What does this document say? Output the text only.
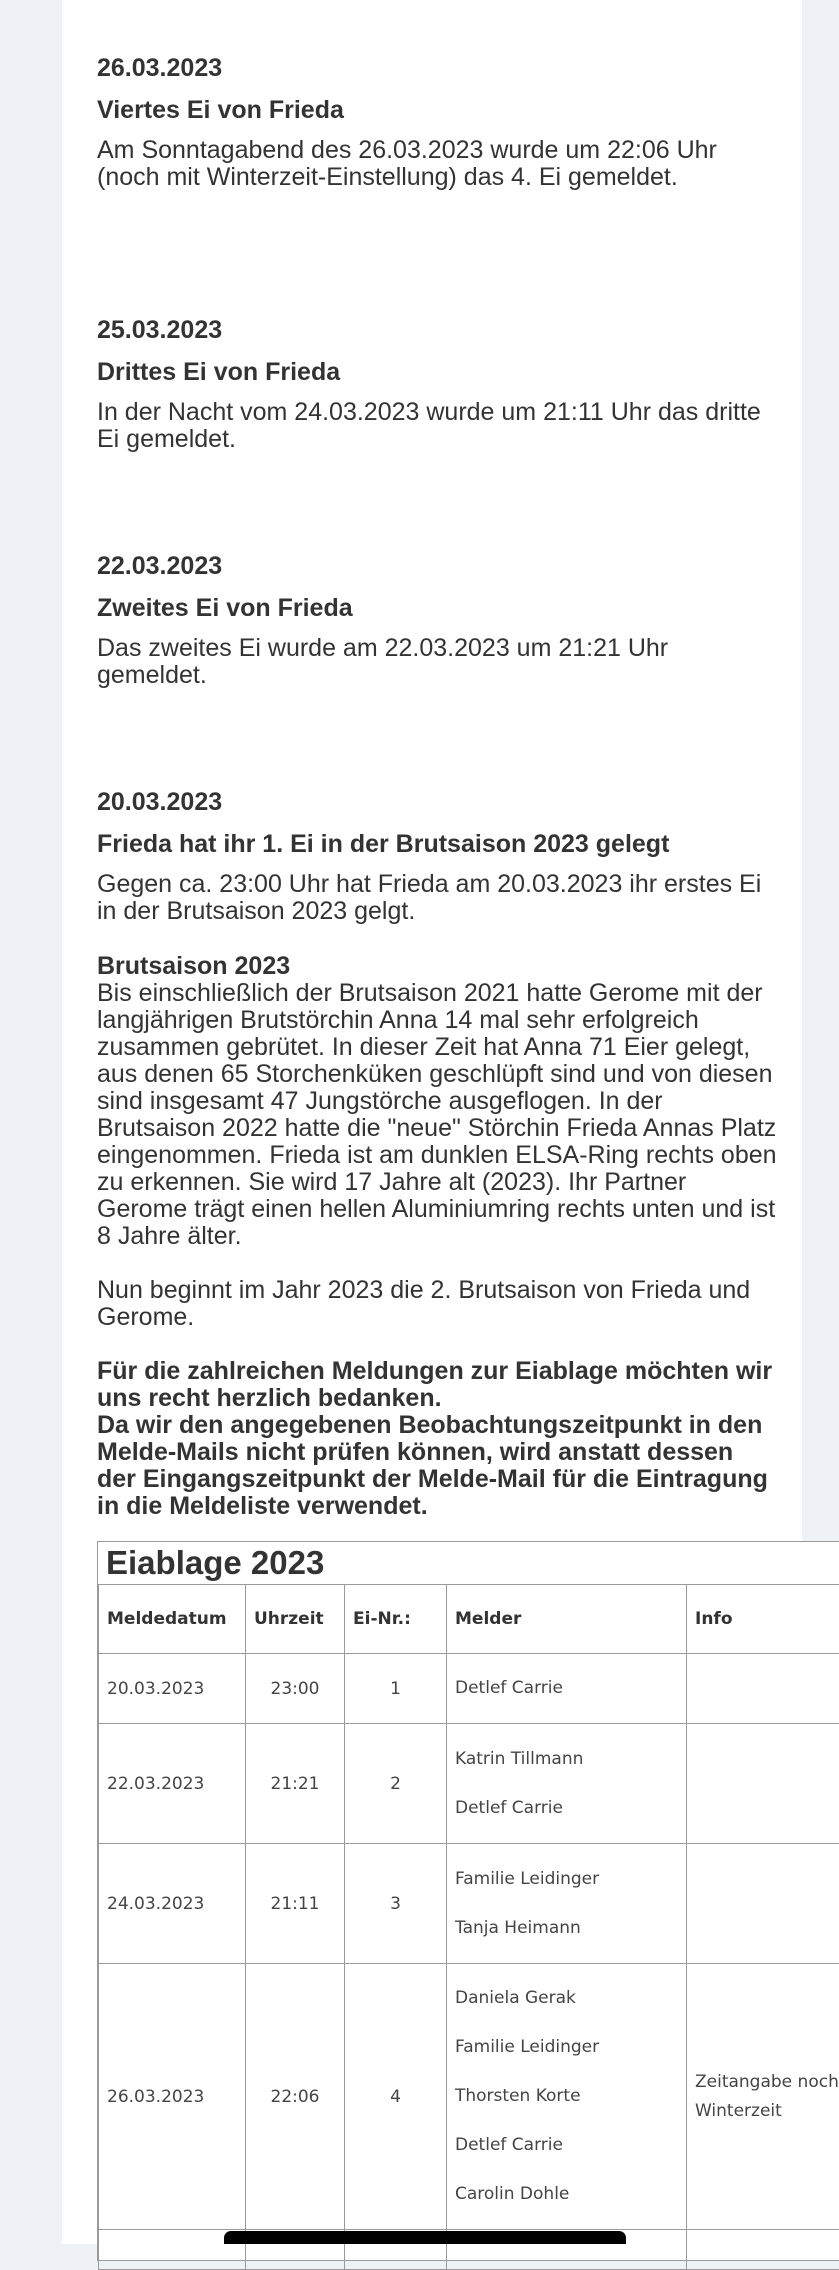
26.03.2023

Viertes Ei von Frieda

Am Sonntagabend des 26.03.2023 wurde um 22:06 Uhr (noch mit Winterzeit-Einstellung) das 4. Ei gemeldet.

25.03.2023

Drittes Ei von Frieda

In der Nacht vom 24.03.2023 wurde um 21:11 Uhr das dritte Ei gemeldet.

22.03.2023

Zweites Ei von Frieda

Das zweites Ei wurde am 22.03.2023 um 21:21 Uhr gemeldet.

20.03.2023

Frieda hat ihr 1. Ei in der Brutsaison 2023 gelegt

Gegen ca. 23:00 Uhr hat Frieda am 20.03.2023 ihr erstes Ei in der Brutsaison 2023 gelgt.

Brutsaison 2023

Bis einschließlich der Brutsaison 2021 hatte Gerome mit der langjährigen Brutstörchin Anna 14 mal sehr erfolgreich zusammen gebrütet. In dieser Zeit hat Anna 71 Eier gelegt, aus denen 65 Storchenküken geschlüpft sind und von diesen sind insgesamt 47 Jungstörche ausgeflogen. In der Brutsaison 2022 hatte die "neue" Störchin Frieda Annas Platz eingenommen. Frieda ist am dunklen ELSA-Ring rechts oben zu erkennen. Sie wird 17 Jahre alt (2023). Ihr Partner Gerome trägt einen hellen Aluminiumring rechts unten und ist 8 Jahre älter.

Nun beginnt im Jahr 2023 die 2. Brutsaison von Frieda und Gerome.

Für die zahlreichen Meldungen zur Eiablage möchten wir uns recht herzlich bedanken.

Da wir den angegebenen Beobachtungszeitpunkt in den Melde-Mails nicht prüfen können, wird anstatt dessen der Eingangszeitpunkt der Melde-Mail für die Eintragung in die Meldeliste verwendet.

Eiablage 2023
Meldedatum	Uhrzeit	Ei-Nr.:	Melder	Info
20.03.2023	23:00	1	Detlef Carrie	

22.03.2023	21:21	2	Katrin Tillmann
Detlef Carrie	

24.03.2023	21:11	3	Familie Leidinger
Tanja Heimann	

26.03.2023	22:06	4	Daniela Gerak
Familie Leidinger
Thorsten Korte
Detlef Carrie
Carolin Dohle	Zeitangabe noch Winterzeit
